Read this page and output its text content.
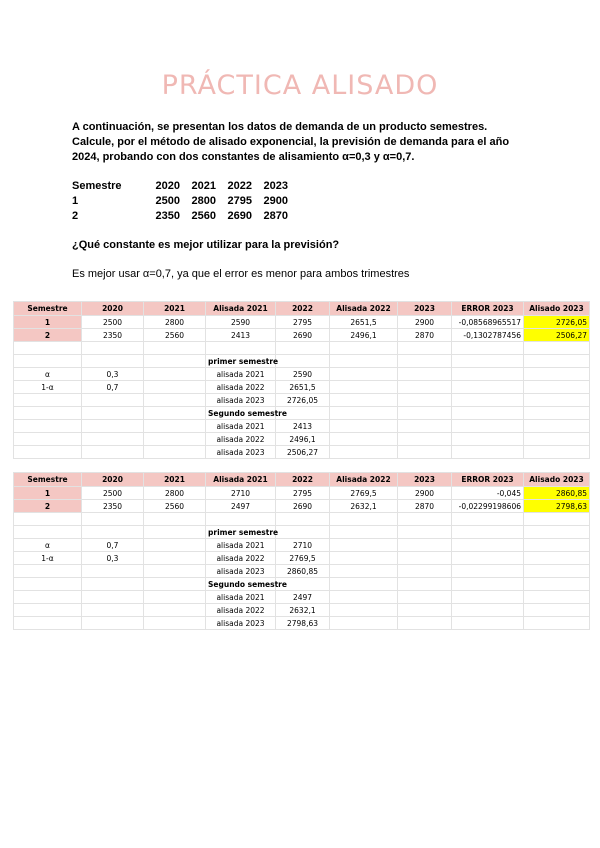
PRÁCTICA ALISADO

A continuación, se presentan los datos de demanda de un producto semestres.

Calcule, por el método de alisado exponencial, la previsión de demanda para el año

2024, probando con dos constantes de alisamiento α=0,3 y α=0,7.

Semestre	2020	2021	2022	2023
1	2500	2800	2795	2900
2	2350	2560	2690	2870
¿Qué constante es mejor utilizar para la previsión?
Es mejor usar α=0,7, ya que el error es menor para ambos trimestres
Semestre	2020	2021	Alisada 2021	2022	Alisada 2022	2023	ERROR 2023	Alisado 2023
1	2500	2800	2590	2795	2651,5	2900	-0,08568965517	2726,05
2	2350	2560	2413	2690	2496,1	2870	-0,1302787456	2506,27

			primer semestre					
α	0,3		alisada 2021	2590				
1-α	0,7		alisada 2022	2651,5				
			alisada 2023	2726,05				
			Segundo semestre					
			alisada 2021	2413				
			alisada 2022	2496,1				
			alisada 2023	2506,27				
Semestre	2020	2021	Alisada 2021	2022	Alisada 2022	2023	ERROR 2023	Alisado 2023
1	2500	2800	2710	2795	2769,5	2900	-0,045	2860,85
2	2350	2560	2497	2690	2632,1	2870	-0,02299198606	2798,63

			primer semestre					
α	0,7		alisada 2021	2710				
1-α	0,3		alisada 2022	2769,5				
			alisada 2023	2860,85				
			Segundo semestre					
			alisada 2021	2497				
			alisada 2022	2632,1				
			alisada 2023	2798,63				
